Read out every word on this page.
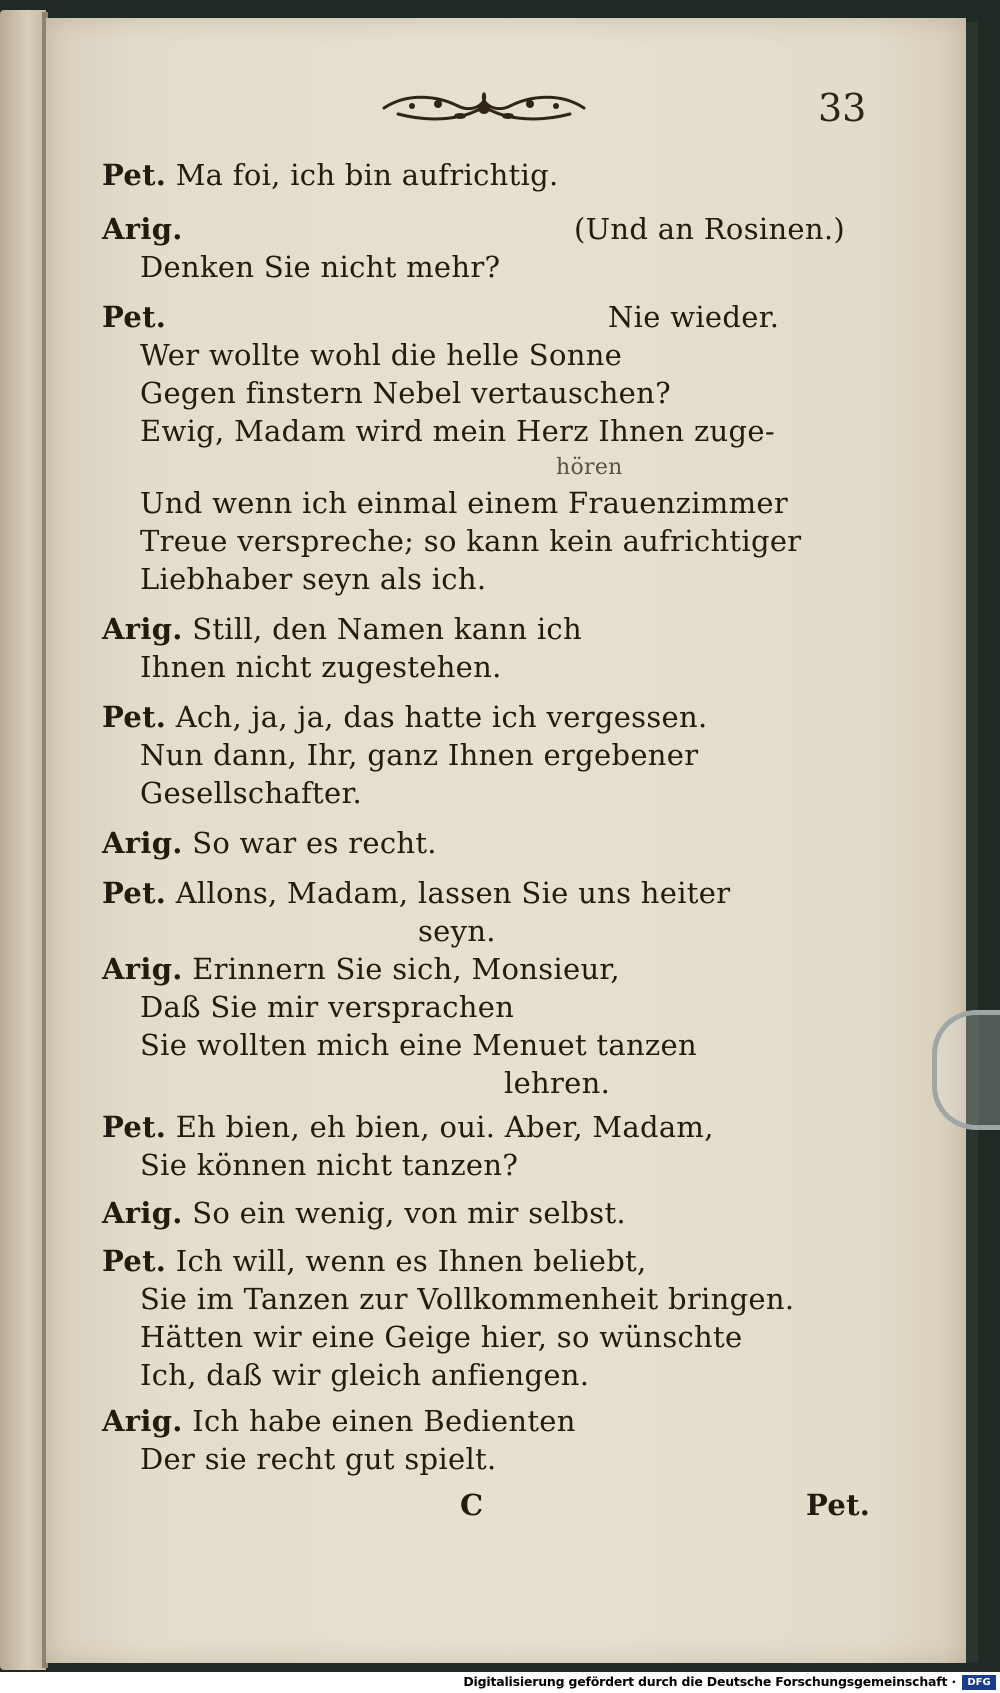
33
Pet. Ma foi, ich bin aufrichtig.
Arig.	(Und an Rosinen.)
Denken Sie nicht mehr?
Pet.	Nie wieder.
Wer wollte wohl die helle Sonne
Gegen finstern Nebel vertauschen?
Ewig, Madam wird mein Herz Ihnen zuge-
hören
Und wenn ich einmal einem Frauenzimmer
Treue verspreche; so kann kein aufrichtiger
Liebhaber seyn als ich.
Arig. Still, den Namen kann ich
Ihnen nicht zugestehen.
Pet. Ach, ja, ja, das hatte ich vergessen.
Nun dann, Ihr, ganz Ihnen ergebener
Gesellschafter.
Arig. So war es recht.
Pet. Allons, Madam, lassen Sie uns heiter
seyn.
Arig. Erinnern Sie sich, Monsieur,
Daß Sie mir versprachen
Sie wollten mich eine Menuet tanzen
lehren.
Pet. Eh bien, eh bien, oui. Aber, Madam,
Sie können nicht tanzen?
Arig. So ein wenig, von mir selbst.
Pet. Ich will, wenn es Ihnen beliebt,
Sie im Tanzen zur Vollkommenheit bringen.
Hätten wir eine Geige hier, so wünschte
Ich, daß wir gleich anfiengen.
Arig. Ich habe einen Bedienten
Der sie recht gut spielt.
C	Pet.
Digitalisierung gefördert durch die Deutsche Forschungsgemeinschaft ·	DFG
